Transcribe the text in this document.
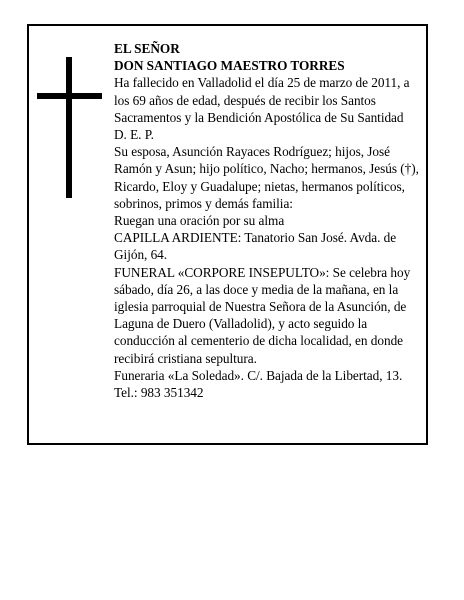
EL SEÑOR

DON SANTIAGO MAESTRO TORRES

Ha fallecido en Valladolid el día 25 de marzo de 2011, a los 69 años de edad, después de recibir los Santos Sacramentos y la Bendición Apostólica de Su Santidad

D. E. P.

Su esposa, Asunción Rayaces Rodríguez; hijos, José Ramón y Asun; hijo político, Nacho; hermanos, Jesús (†), Ricardo, Eloy y Guadalupe; nietas, hermanos políticos, sobrinos, primos y demás familia:

Ruegan una oración por su alma

CAPILLA ARDIENTE: Tanatorio San José. Avda. de Gijón, 64.

FUNERAL «CORPORE INSEPULTO»: Se celebra hoy sábado, día 26, a las doce y media de la mañana, en la iglesia parroquial de Nuestra Señora de la Asunción, de Laguna de Duero (Valladolid), y acto seguido la conducción al cementerio de dicha localidad, en donde recibirá cristiana sepultura.

Funeraria «La Soledad». C/. Bajada de la Libertad, 13. Tel.: 983 351342
